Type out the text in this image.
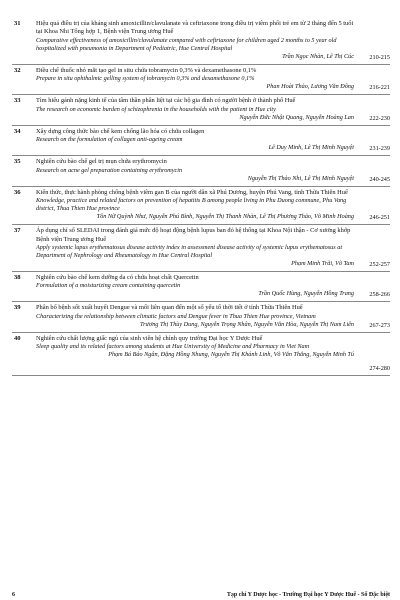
31	Hiệu quả điều trị của kháng sinh amoxicillin/clavulanate và ceftriaxone trong điều trị viêm phổi trẻ em từ 2 tháng đến 5 tuổi tại Khoa Nhi Tổng hợp 1, Bệnh viện Trung ương Huế
Comparative effectiveness of amoxicillin/clavulanate compared with ceftriaxone for children aged 2 months to 5 year old hospitalized with pneumonia in Department of Pediatric, Hue Central Hospital
Trần Ngọc Nhàn, Lê Thị Cúc	210-215
32	Điều chế thuốc nhỏ mắt tạo gel in situ chứa tobramycin 0,3% và dexamethasone 0,1%
Prepare in situ ophthalmic gelling system of tobramycin 0,3% and dexamethasone 0,1%
Phan Hoài Thảo, Lương Văn Đông	216-221
33	Tìm hiểu gánh nặng kinh tế của tâm thần phân liệt tại các hộ gia đình có người bệnh ở thành phố Huế
The research on economic burden of schizophrenia in the households with the patient in Hue city
Nguyễn Đức Nhật Quang, Nguyễn Hoàng Lan	222-230
34	Xây dựng công thức bào chế kem chống lão hóa có chứa collagen
Research on the formulation of collagen anti-ageing cream
Lê Duy Minh, Lê Thị Minh Nguyệt	231-239
35	Nghiên cứu bào chế gel trị mụn chứa erythromycin
Research on acne gel preparation containing erythromycin
Nguyễn Thị Thảo Nhi, Lê Thị Minh Nguyệt	240-245
36	Kiến thức, thực hành phòng chống bệnh viêm gan B của người dân xã Phú Dương, huyện Phú Vang, tỉnh Thừa Thiên Huế
Knowledge, practice and related factors on prevention of hepatitis B among people living in Phu Duong commune, Phu Vang district, Thua Thien Hue province
Tôn Nữ Quỳnh Như, Nguyễn Phú Bình, Nguyễn Thị Thanh Nhàn, Lê Thị Phương Thảo, Võ Minh Hoàng	246-251
37	Áp dụng chỉ số SLEDAI trong đánh giá mức độ hoạt động bệnh lupus ban đỏ hệ thống tại Khoa Nội thận - Cơ xương khớp Bệnh viện Trung ương Huế
Apply systemic lupus erythematosus disease activity index in assessment disease activity of systemic lupus erythematosus at Department of Nephrology and Rheumatology in Hue Central Hospital
Phạm Minh Trãi, Võ Tam	252-257
38	Nghiên cứu bào chế kem dưỡng da có chứa hoạt chất Quercetin
Formulation of a moisturizing cream containing quercetin
Trần Quốc Hùng, Nguyễn Hồng Trang	258-266
39	Phân bố bệnh sốt xuất huyết Dengue và mối liên quan đến một số yếu tố thời tiết ở tỉnh Thừa Thiên Huế
Characterizing the relationship between climatic factors and Dengue fever in Thua Thien Hue province, Vietnam
Trương Thị Thùy Dung, Nguyễn Trọng Nhân, Nguyễn Văn Hòa, Nguyễn Thị Nam Liên	267-273
40	Nghiên cứu chất lượng giấc ngủ của sinh viên hệ chính quy trường Đại học Y Dược Huế
Sleep quality and its related factors among students at Hue University of Medicine and Pharmacy in Viet Nam
Phạm Bá Bảo Ngân, Đặng Hồng Nhung, Nguyễn Thị Khánh Linh, Võ Văn Thắng, Nguyễn Minh Tú
274-280
6	Tạp chí Y Dược học - Trường Đại học Y Dược Huế - Số Đặc biệt
